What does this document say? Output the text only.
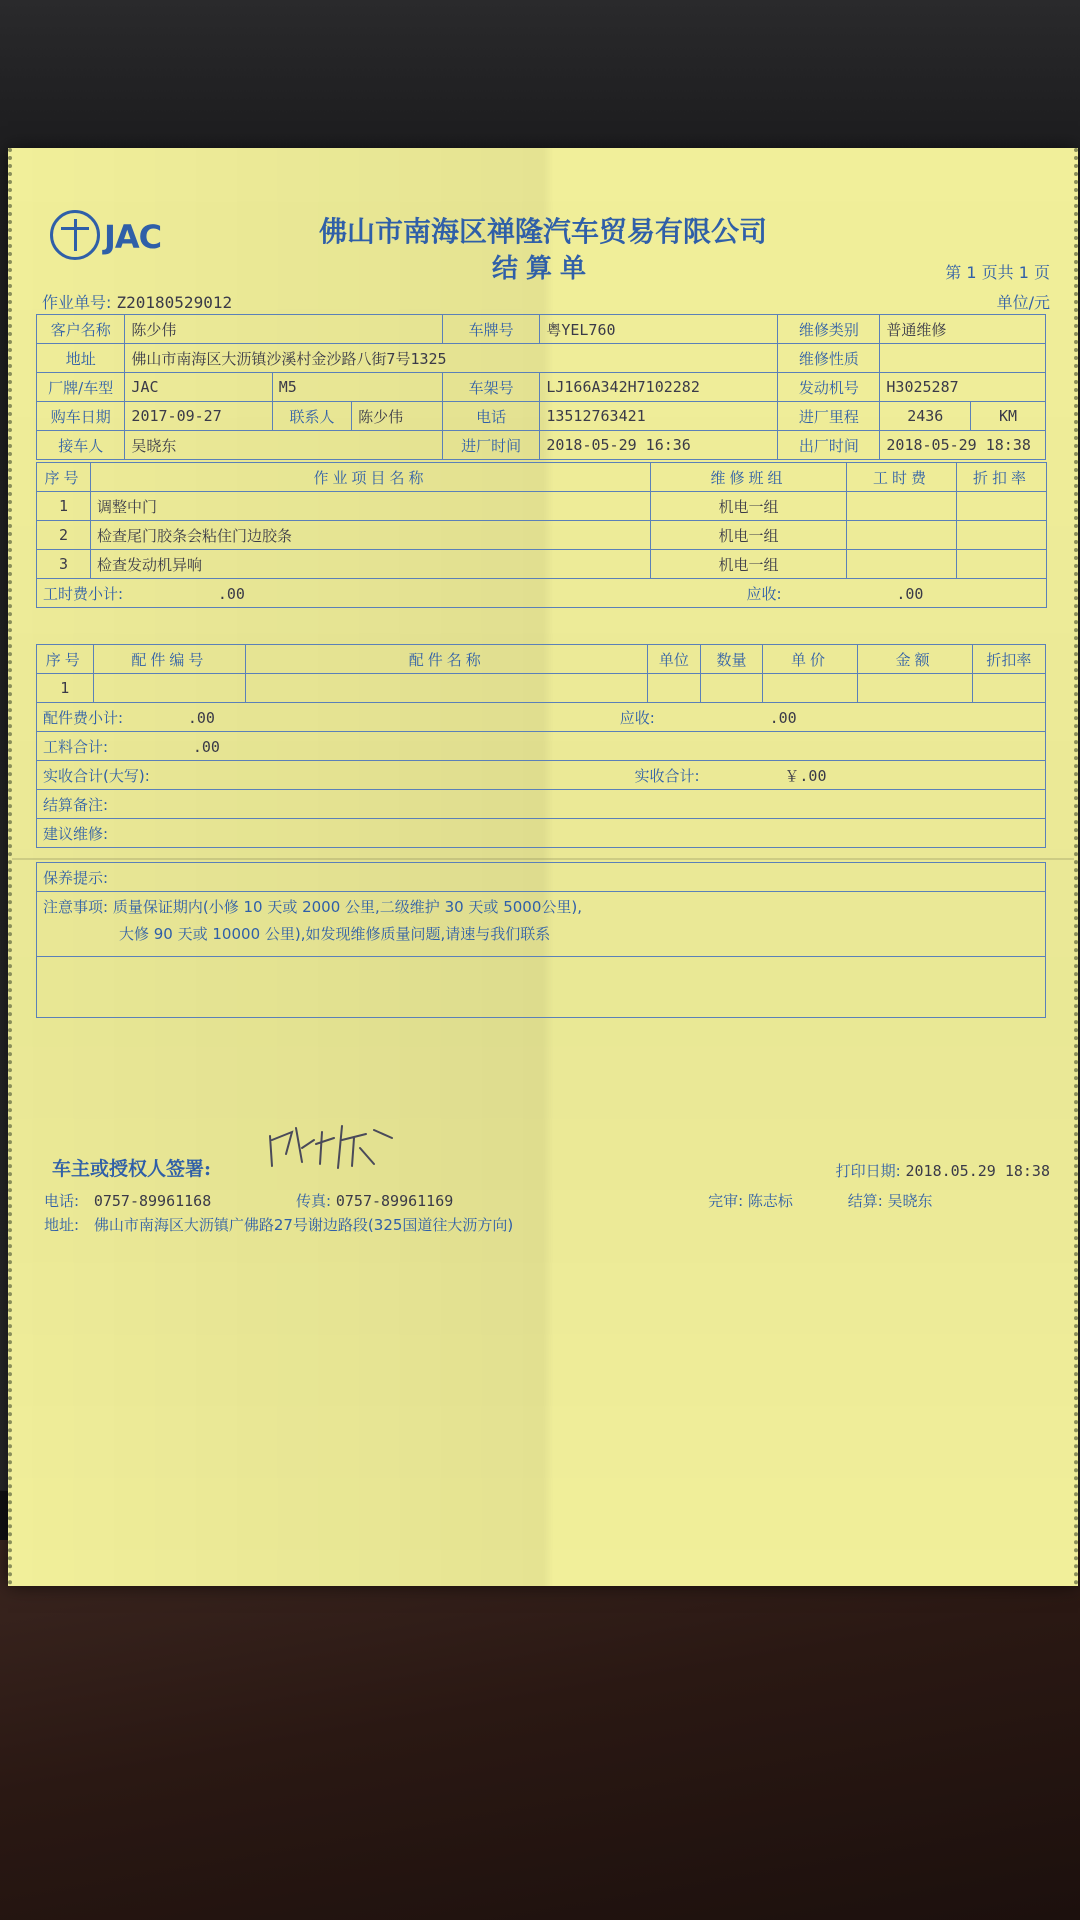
JAC	佛山市南海区禅隆汽车贸易有限公司
结算单	第 1 页共 1 页
单位/元
作业单号: Z20180529012
客户名称	陈少伟			车牌号	粤YEL760	维修类别	普通维修	
地址	佛山市南海区大沥镇沙溪村金沙路八街7号1325					维修性质		
厂牌/车型	JAC	M5		车架号	LJ166A342H7102282	发动机号	H3025287	
购车日期	2017-09-27	联系人	陈少伟	电话	13512763421	进厂里程	2436	KM
接车人	吴晓东			进厂时间	2018-05-29 16:36	出厂时间	2018-05-29 18:38	
序号	作业项目名称	维修班组	工时费	折扣率
1	调整中门	机电一组		
2	检查尾门胶条会粘住门边胶条	机电一组		
3	检查发动机异响	机电一组		
工时费小计: .00		应收: .00		
序号	配件编号	配件名称	单位	数量	单价	金额	折扣率
1							
配件费小计: .00 应收: .00							
工料合计: .00							
实收合计(大写): 实收合计: ￥.00							
结算备注:							
建议维修:							
保养提示:

注意事项: 质量保证期内(小修 10 天或 2000 公里,二级维护 30 天或 5000公里),
大修 90 天或 10000 公里),如发现维修质量问题,请速与我们联系

车主或授权人签署:	打印日期: 2018.05.29 18:38
电话: 0757-89961168	传真: 0757-89961169	完审: 陈志标	结算: 吴晓东
地址: 佛山市南海区大沥镇广佛路27号谢边路段(325国道往大沥方向)
